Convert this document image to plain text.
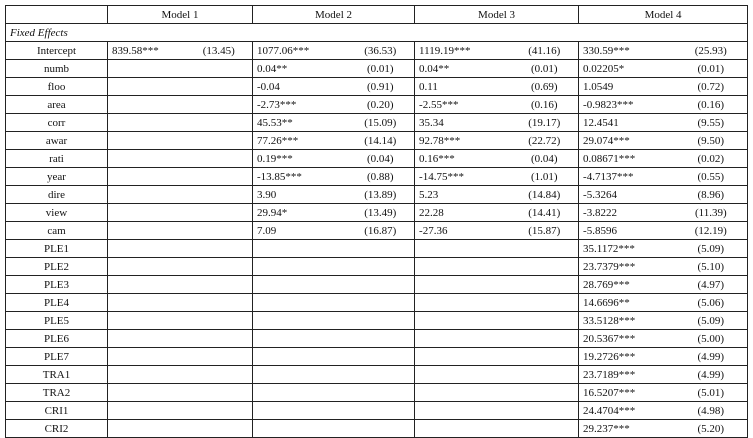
	Model 1		Model 2		Model 3		Model 4	
Fixed Effects								
Intercept	839.58***	(13.45)	1077.06***	(36.53)	1119.19***	(41.16)	330.59***	(25.93)
numb			0.04**	(0.01)	0.04**	(0.01)	0.02205*	(0.01)
floo			-0.04	(0.91)	0.11	(0.69)	1.0549	(0.72)
area			-2.73***	(0.20)	-2.55***	(0.16)	-0.9823***	(0.16)
corr			45.53**	(15.09)	35.34	(19.17)	12.4541	(9.55)
awar			77.26***	(14.14)	92.78***	(22.72)	29.074***	(9.50)
rati			0.19***	(0.04)	0.16***	(0.04)	0.08671***	(0.02)
year			-13.85***	(0.88)	-14.75***	(1.01)	-4.7137***	(0.55)
dire			3.90	(13.89)	5.23	(14.84)	-5.3264	(8.96)
view			29.94*	(13.49)	22.28	(14.41)	-3.8222	(11.39)
cam			7.09	(16.87)	-27.36	(15.87)	-5.8596	(12.19)
PLE1							35.1172***	(5.09)
PLE2							23.7379***	(5.10)
PLE3							28.769***	(4.97)
PLE4							14.6696**	(5.06)
PLE5							33.5128***	(5.09)
PLE6							20.5367***	(5.00)
PLE7							19.2726***	(4.99)
TRA1							23.7189***	(4.99)
TRA2							16.5207***	(5.01)
CRI1							24.4704***	(4.98)
CRI2							29.237***	(5.20)
